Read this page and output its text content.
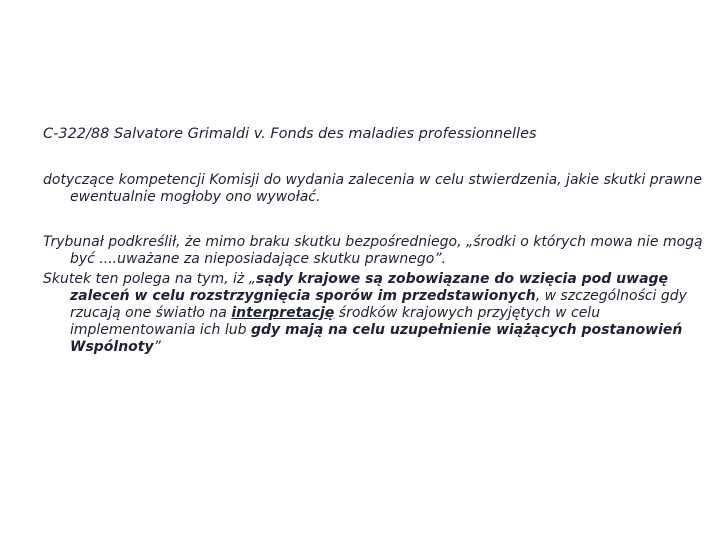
C-322/88 Salvatore Grimaldi v. Fonds des maladies professionnelles

dotyczące kompetencji Komisji do wydania zalecenia w celu stwierdzenia, jakie skutki prawne ewentualnie mogłoby ono wywołać.

Trybunał podkreślił, że mimo braku skutku bezpośredniego, „środki o których mowa nie mogą być ....uważane za nieposiadające skutku prawnego”.

Skutek ten polega na tym, iż „sądy krajowe są zobowiązane do wzięcia pod uwagę zaleceń w celu rozstrzygnięcia sporów im przedstawionych, w szczególności gdy rzucają one światło na interpretację środków krajowych przyjętych w celu implementowania ich lub gdy mają na celu uzupełnienie wiążących postanowień Wspólnoty”
